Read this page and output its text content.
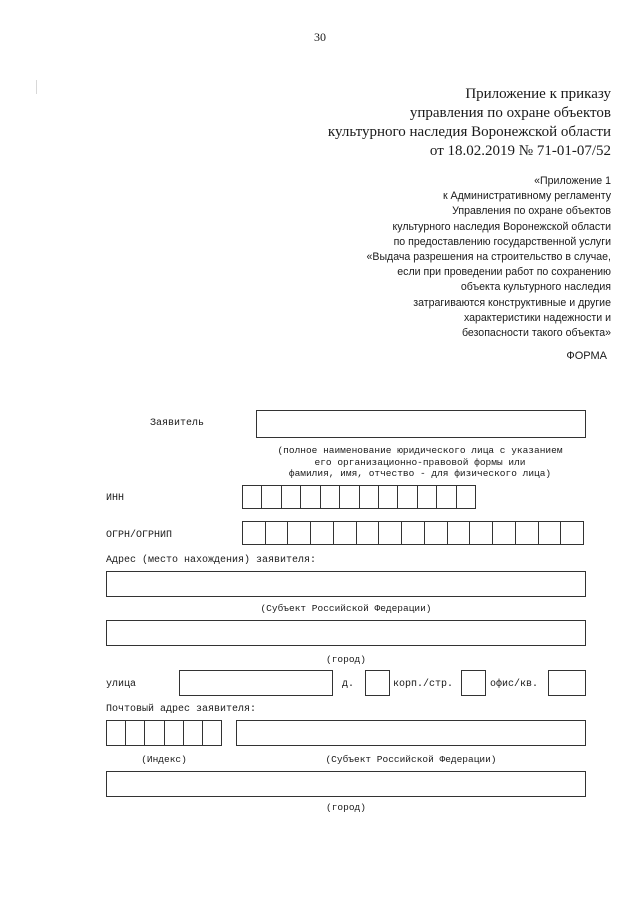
30
Приложение к приказу
управления по охране объектов
культурного наследия Воронежской области
от 18.02.2019 № 71-01-07/52
«Приложение 1
к Административному регламенту
Управления по охране объектов
культурного наследия Воронежской области
по предоставлению государственной услуги
«Выдача разрешения на строительство в случае,
если при проведении работ по сохранению
объекта культурного наследия
затрагиваются конструктивные и другие
характеристики надежности и
безопасности такого объекта»
ФОРМА
Заявитель
(полное наименование юридического лица с указанием
его организационно-правовой формы или
фамилия, имя, отчество - для физического лица)
ИНН
ОГРН/ОГРНИП
Адрес (место нахождения) заявителя:
(Субъект Российской Федерации)
(город)
улица	д.	корп./стр.	офис/кв.
Почтовый адрес заявителя:
(Индекс)	(Субъект Российской Федерации)
(город)
